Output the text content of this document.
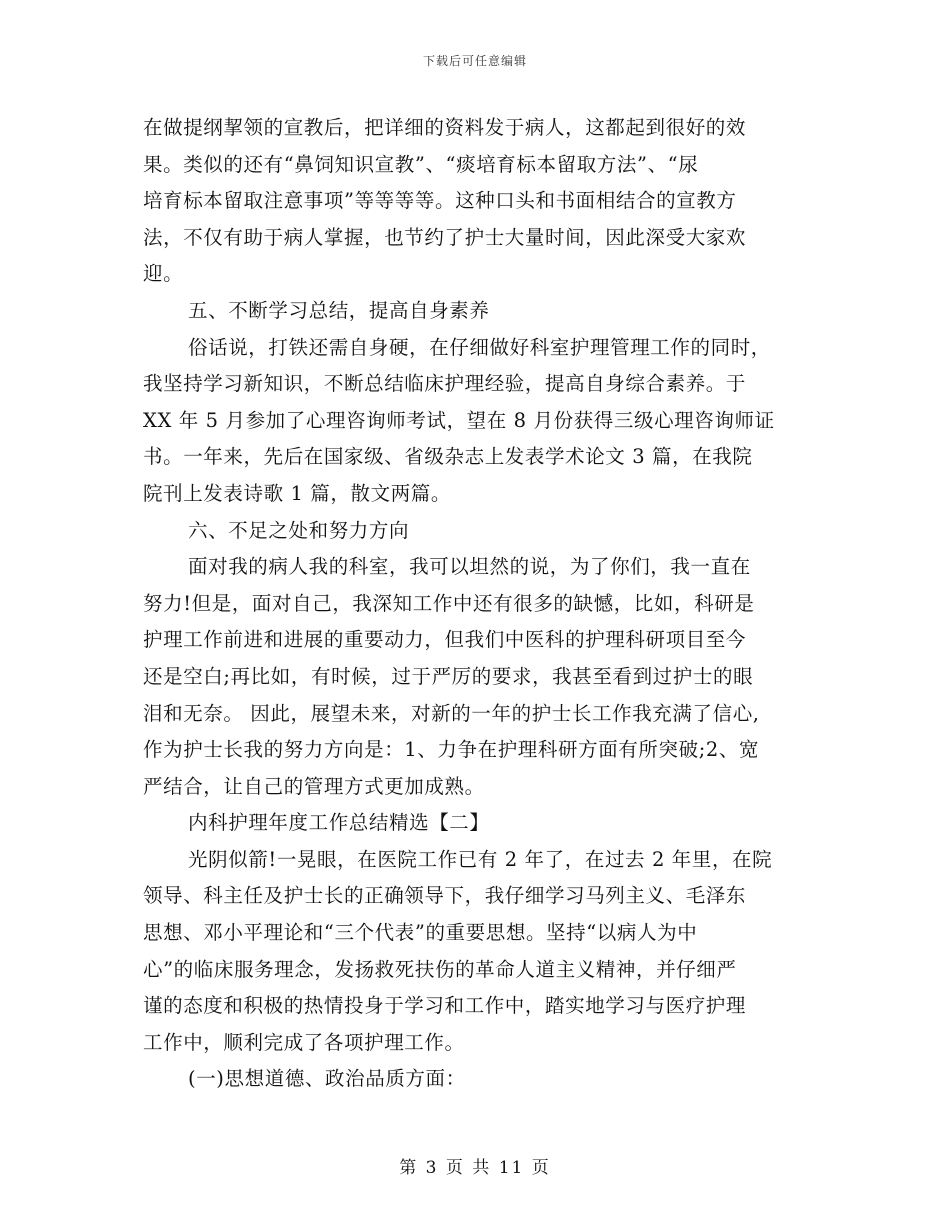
下载后可任意编辑
在做提纲挈领的宣教后，把详细的资料发于病人，这都起到很好的效
果。类似的还有“鼻饲知识宣教”、“痰培育标本留取方法”、“尿
培育标本留取注意事项”等等等等。这种口头和书面相结合的宣教方
法，不仅有助于病人掌握，也节约了护士大量时间，因此深受大家欢
迎。
五、不断学习总结，提高自身素养
俗话说，打铁还需自身硬，在仔细做好科室护理管理工作的同时，
我坚持学习新知识，不断总结临床护理经验，提高自身综合素养。于
XX 年 5 月参加了心理咨询师考试，望在 8 月份获得三级心理咨询师证
书。一年来，先后在国家级、省级杂志上发表学术论文 3 篇，在我院
院刊上发表诗歌 1 篇，散文两篇。
六、不足之处和努力方向
面对我的病人我的科室，我可以坦然的说，为了你们，我一直在
努力!但是，面对自己，我深知工作中还有很多的缺憾，比如，科研是
护理工作前进和进展的重要动力，但我们中医科的护理科研项目至今
还是空白;再比如，有时候，过于严厉的要求，我甚至看到过护士的眼
泪和无奈。 因此，展望未来，对新的一年的护士长工作我充满了信心,
作为护士长我的努力方向是：1、力争在护理科研方面有所突破;2、宽
严结合，让自己的管理方式更加成熟。
内科护理年度工作总结精选【二】
光阴似箭!一晃眼，在医院工作已有 2 年了，在过去 2 年里，在院
领导、科主任及护士长的正确领导下，我仔细学习马列主义、毛泽东
思想、邓小平理论和“三个代表”的重要思想。坚持“以病人为中
心”的临床服务理念，发扬救死扶伤的革命人道主义精神，并仔细严
谨的态度和积极的热情投身于学习和工作中，踏实地学习与医疗护理
工作中，顺利完成了各项护理工作。
(一)思想道德、政治品质方面：
第 3 页 共 11 页
